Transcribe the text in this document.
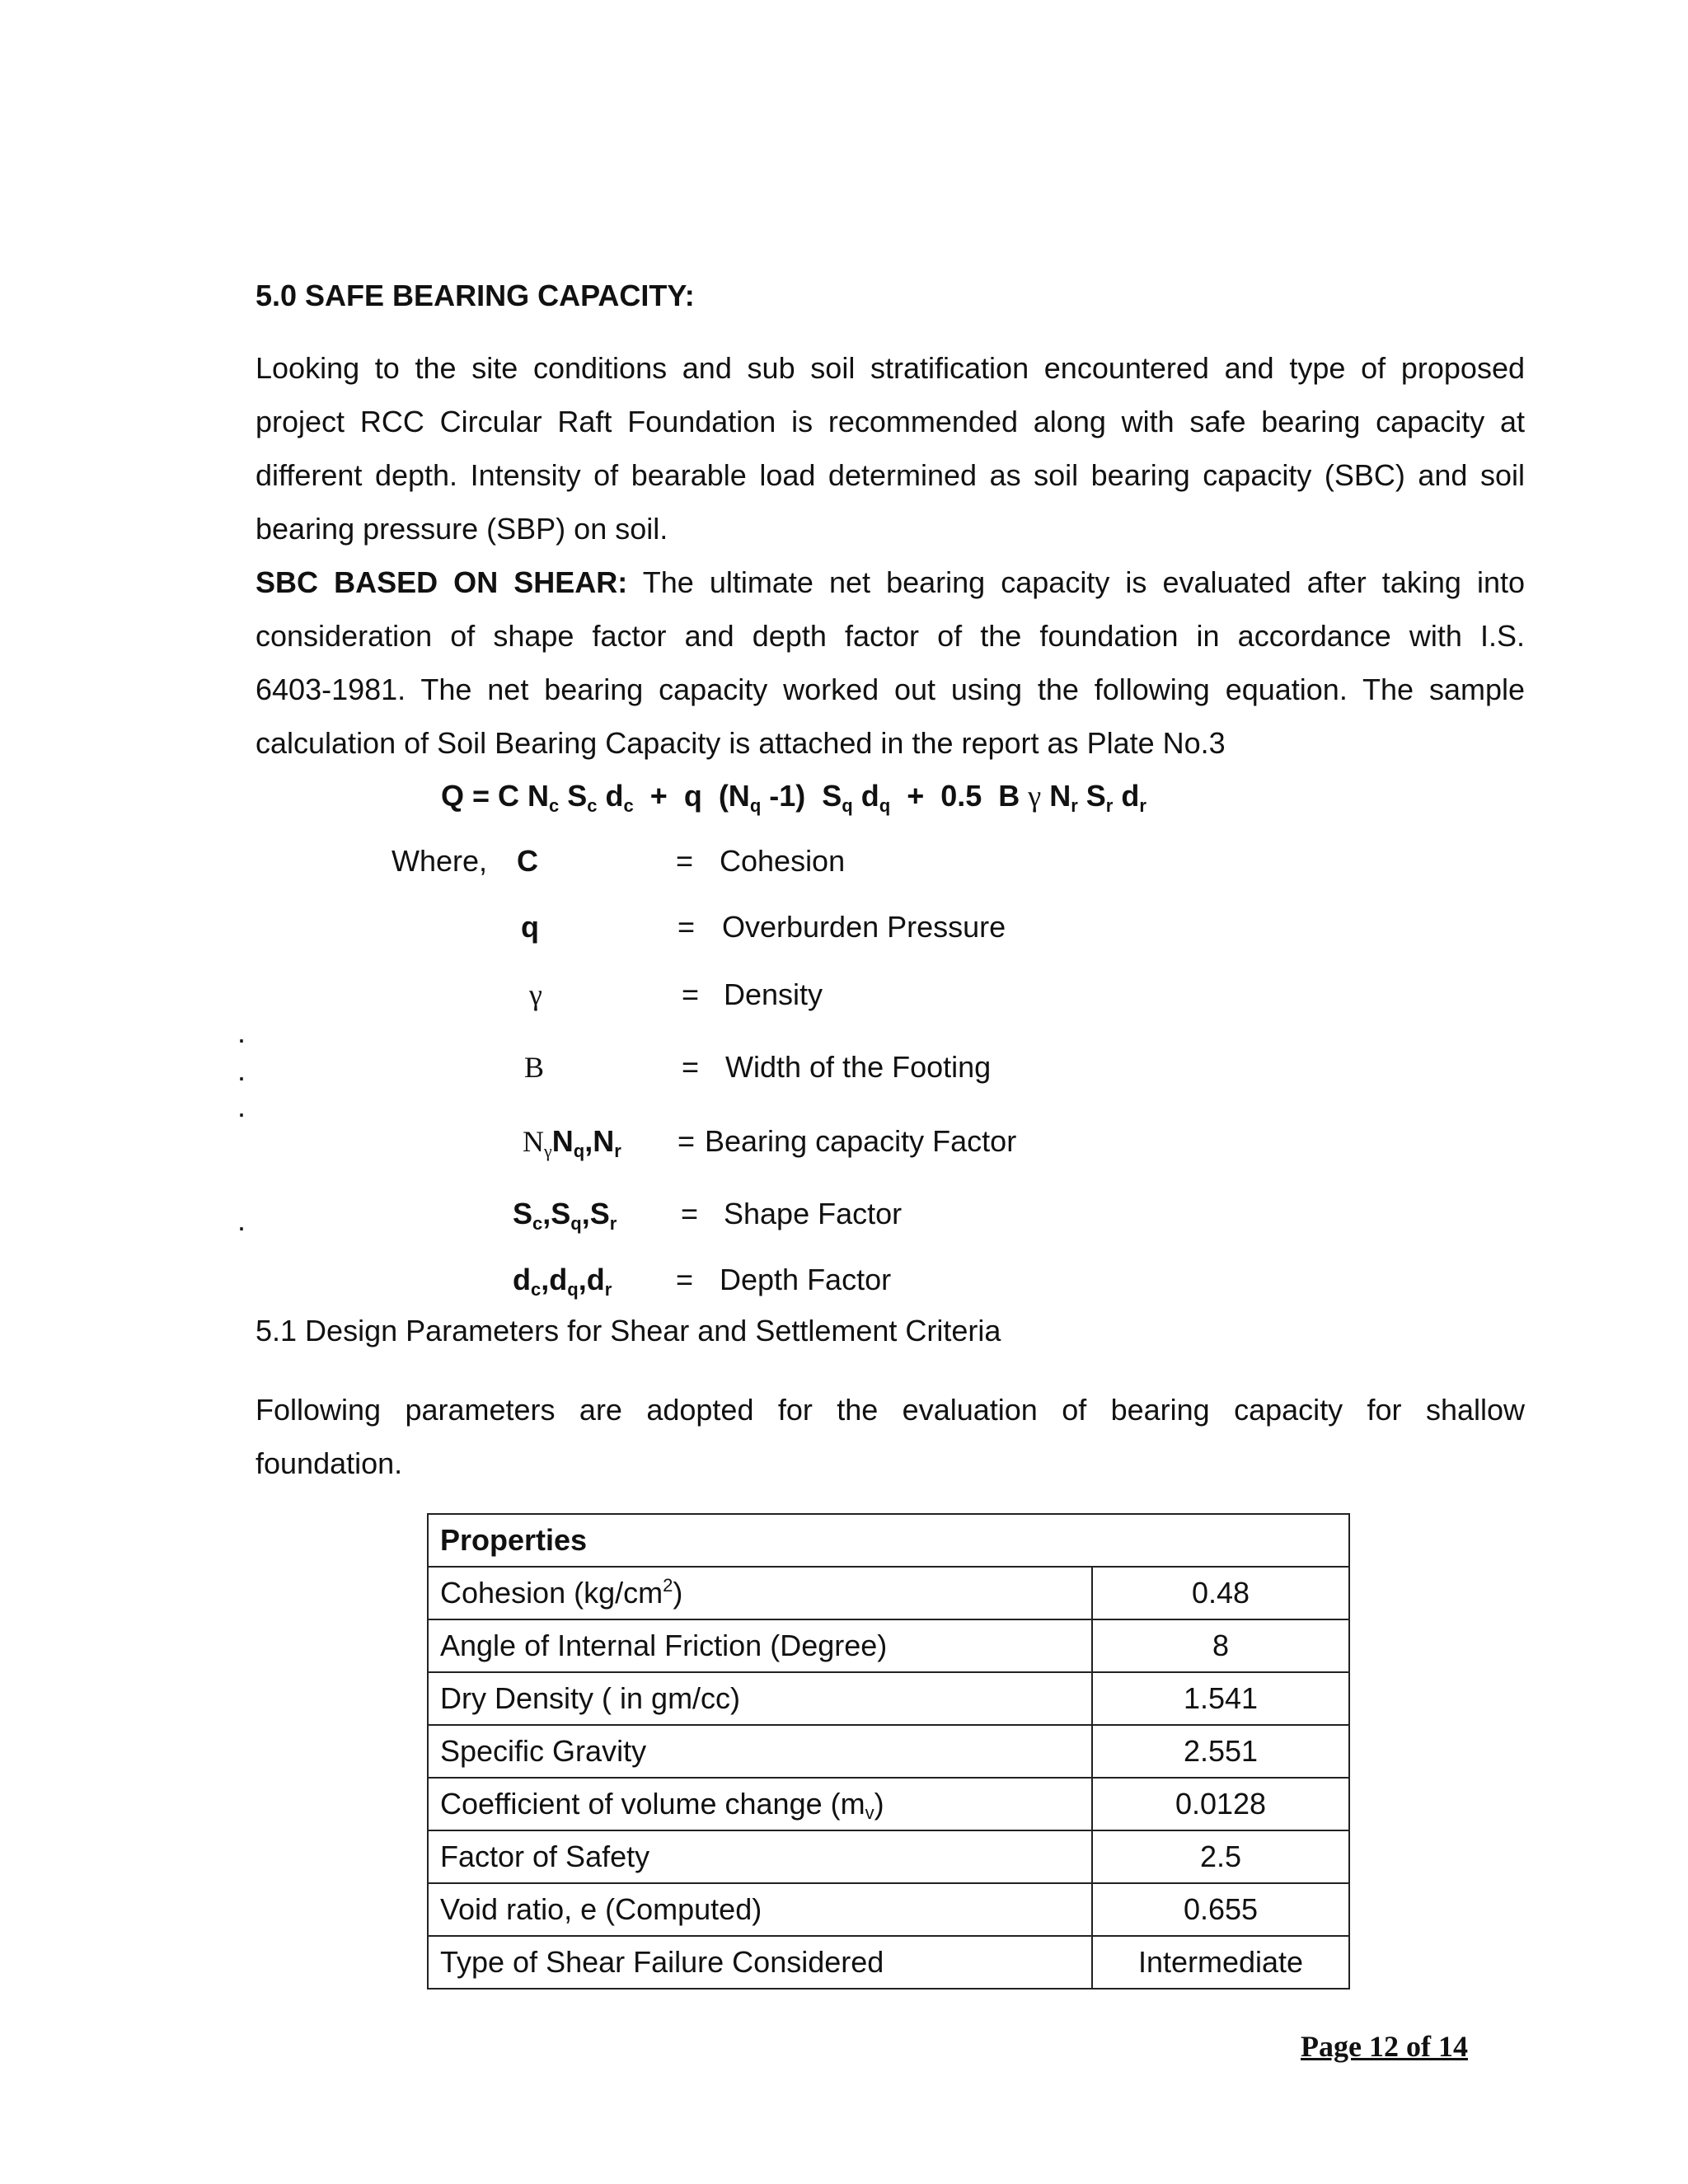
5.0 SAFE BEARING CAPACITY:
Looking to the site conditions and sub soil stratification encountered and type of proposed
project RCC Circular Raft Foundation is recommended along with safe bearing capacity at
different depth. Intensity of bearable load determined as soil bearing capacity (SBC) and soil
bearing pressure (SBP) on soil.
SBC BASED ON SHEAR: The ultimate net bearing capacity is evaluated after taking into
consideration of shape factor and depth factor of the foundation in accordance with I.S.
6403-1981. The net bearing capacity worked out using the following equation. The sample
calculation of Soil Bearing Capacity is attached in the report as Plate No.3
Q = C $N_c$ $S_c$ $d_c + q$  ($N_q$ -1)  $S_q$ $d_q + 0.5$  B γ $N_r$ $S_r$ $d_r$
Where, C	= Cohesion
q	= Overburden Pressure
γ	= Density
.
B	= Width of the Footing
.
.
$N_\gamma N_q,N_r$ = Bearing capacity Factor
.	$S_c,S_q,S_r$ = Shape Factor
$d_c,d_q,d_r$ = Depth Factor
5.1 Design Parameters for Shear and Settlement Criteria
Following parameters are adopted for the evaluation of bearing capacity for shallow
foundation.
Properties	
Cohesion $(kg/cm^2)$	0.48
Angle of Internal Friction (Degree)	8
Dry Density ( in gm/cc)	1.541
Specific Gravity	2.551
Coefficient of volume change $(m_v)$	0.0128
Factor of Safety	2.5
Void ratio, e (Computed)	0.655
Type of Shear Failure Considered	Intermediate
Page 12 of 14
